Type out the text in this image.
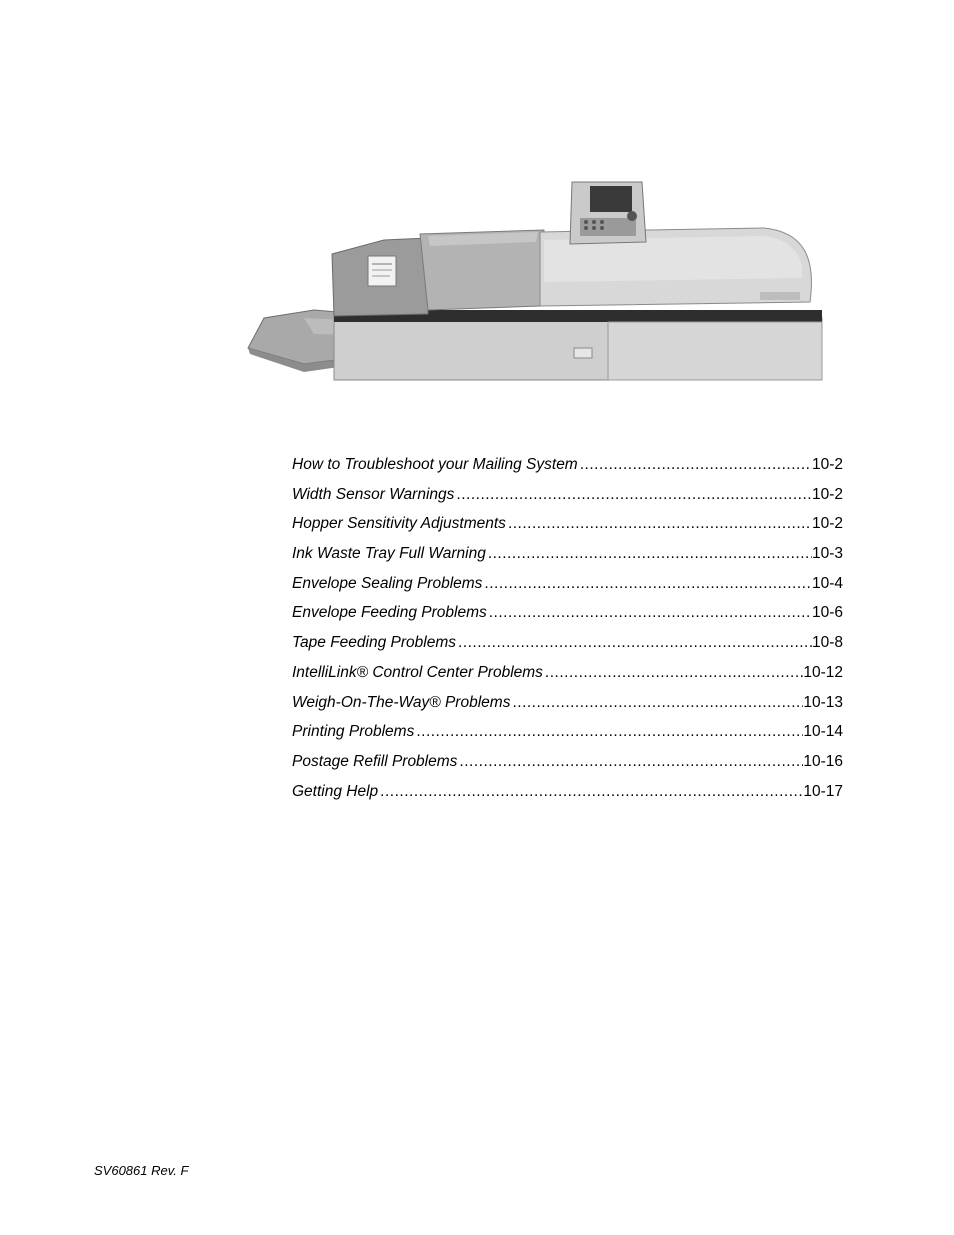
How to Troubleshoot your Mailing System .....	10-2
Width Sensor Warnings .....	10-2
Hopper Sensitivity Adjustments .....	10-2
Ink Waste Tray Full Warning .....	10-3
Envelope Sealing Problems .....	10-4
Envelope Feeding Problems .....	10-6
Tape Feeding Problems .....	10-8
IntelliLink® Control Center Problems .....	10-12
Weigh-On-The-Way® Problems .....	10-13
Printing Problems .....	10-14
Postage Refill Problems .....	10-16
Getting Help .....	10-17
SV60861 Rev. F
